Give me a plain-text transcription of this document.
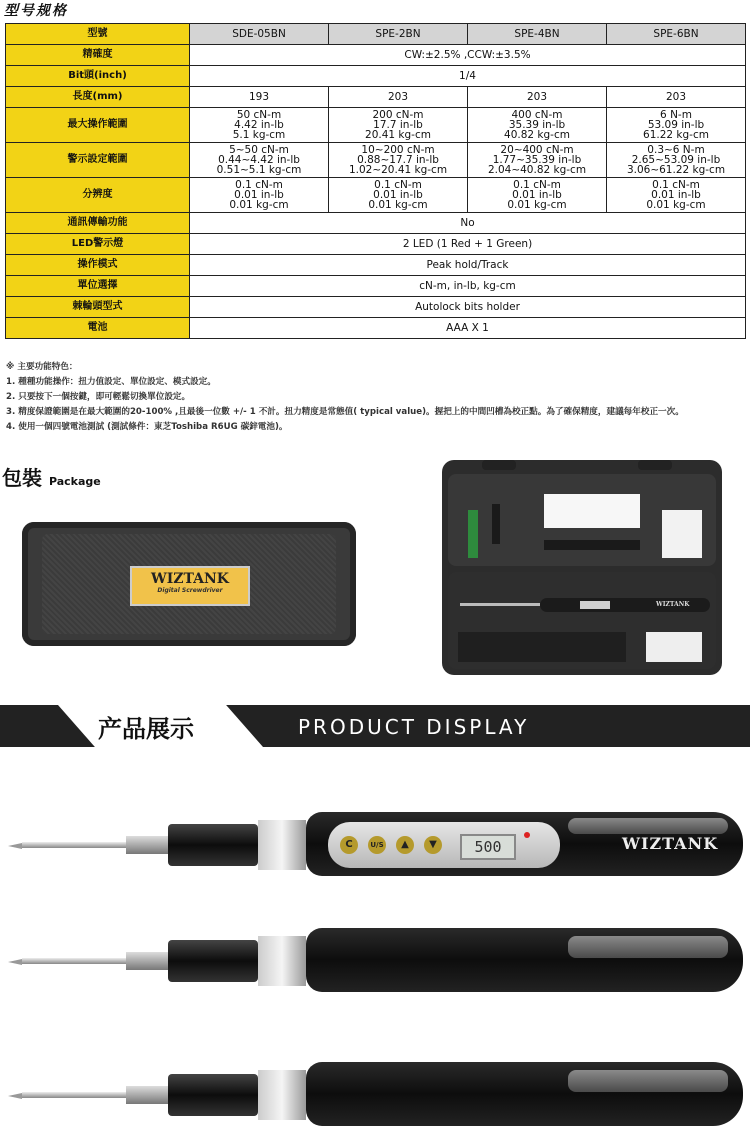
型号规格
型號	SDE-05BN	SPE-2BN	SPE-4BN	SPE-6BN
精確度	CW:±2.5% ,CCW:±3.5%			
Bit頭(inch)	1/4			
長度(mm)	193	203	203	203
最大操作範圍	50 cN-m
4.42 in-lb
5.1 kg-cm	200 cN-m
17.7 in-lb
20.41 kg-cm	400 cN-m
35.39 in-lb
40.82 kg-cm	6 N-m
53.09 in-lb
61.22 kg-cm

警示設定範圍	5~50 cN-m
0.44~4.42 in-lb
0.51~5.1 kg-cm	10~200 cN-m
0.88~17.7 in-lb
1.02~20.41 kg-cm	20~400 cN-m
1.77~35.39 in-lb
2.04~40.82 kg-cm	0.3~6 N-m
2.65~53.09 in-lb
3.06~61.22 kg-cm

分辨度	0.1 cN-m
0.01 in-lb
0.01 kg-cm	0.1 cN-m
0.01 in-lb
0.01 kg-cm	0.1 cN-m
0.01 in-lb
0.01 kg-cm	0.1 cN-m
0.01 in-lb
0.01 kg-cm

通訊傳輸功能	No			
LED警示燈	2 LED (1 Red + 1 Green)			
操作模式	Peak hold/Track			
單位選擇	cN-m, in-lb, kg-cm			
棘輪頭型式	Autolock bits holder			
電池	AAA X 1			
※ 主要功能特色：
1. 種種功能操作：扭力值設定、單位設定、模式設定。
2. 只要按下一個按鍵，即可輕鬆切換單位設定。
3. 精度保證範圍是在最大範圍的20-100% ,且最後一位數 +/- 1 不計。扭力精度是常態值( typical value)。握把上的中間凹槽為校正點。為了確保精度，建議每年校正一次。
4. 使用一個四號電池測試 (測試條件：東芝Toshiba R6UG 碳鋅電池)。
包裝 Package
WIZTANK
Digital Screwdriver
WIZTANK
产品展示	PRODUCT DISPLAY
C	U/S	▲	▼	500	WIZTANK
